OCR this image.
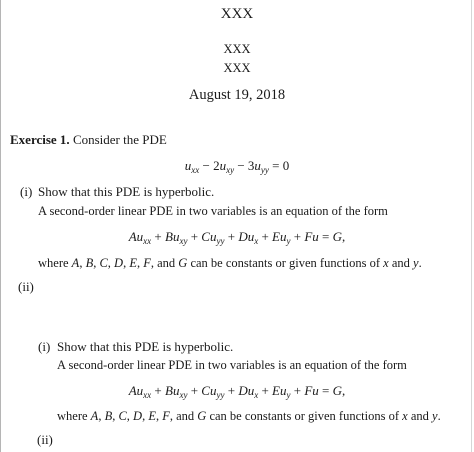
XXX
XXX
XXX
August 19, 2018
Exercise 1. Consider the PDE
$u_{xx} - 2u_{xy} - 3u_{yy} = 0$
(i) Show that this PDE is hyperbolic.
A second-order linear PDE in two variables is an equation of the form
$Au_{xx} + Bu_{xy} + Cu_{yy} + Du_x + Eu_y + Fu = G$,
where A, B, C, D, E, F, and G can be constants or given functions of x and y.
(ii)
(i) Show that this PDE is hyperbolic.
A second-order linear PDE in two variables is an equation of the form
$Au_{xx} + Bu_{xy} + Cu_{yy} + Du_x + Eu_y + Fu = G$,
where A, B, C, D, E, F, and G can be constants or given functions of x and y.
(ii)
